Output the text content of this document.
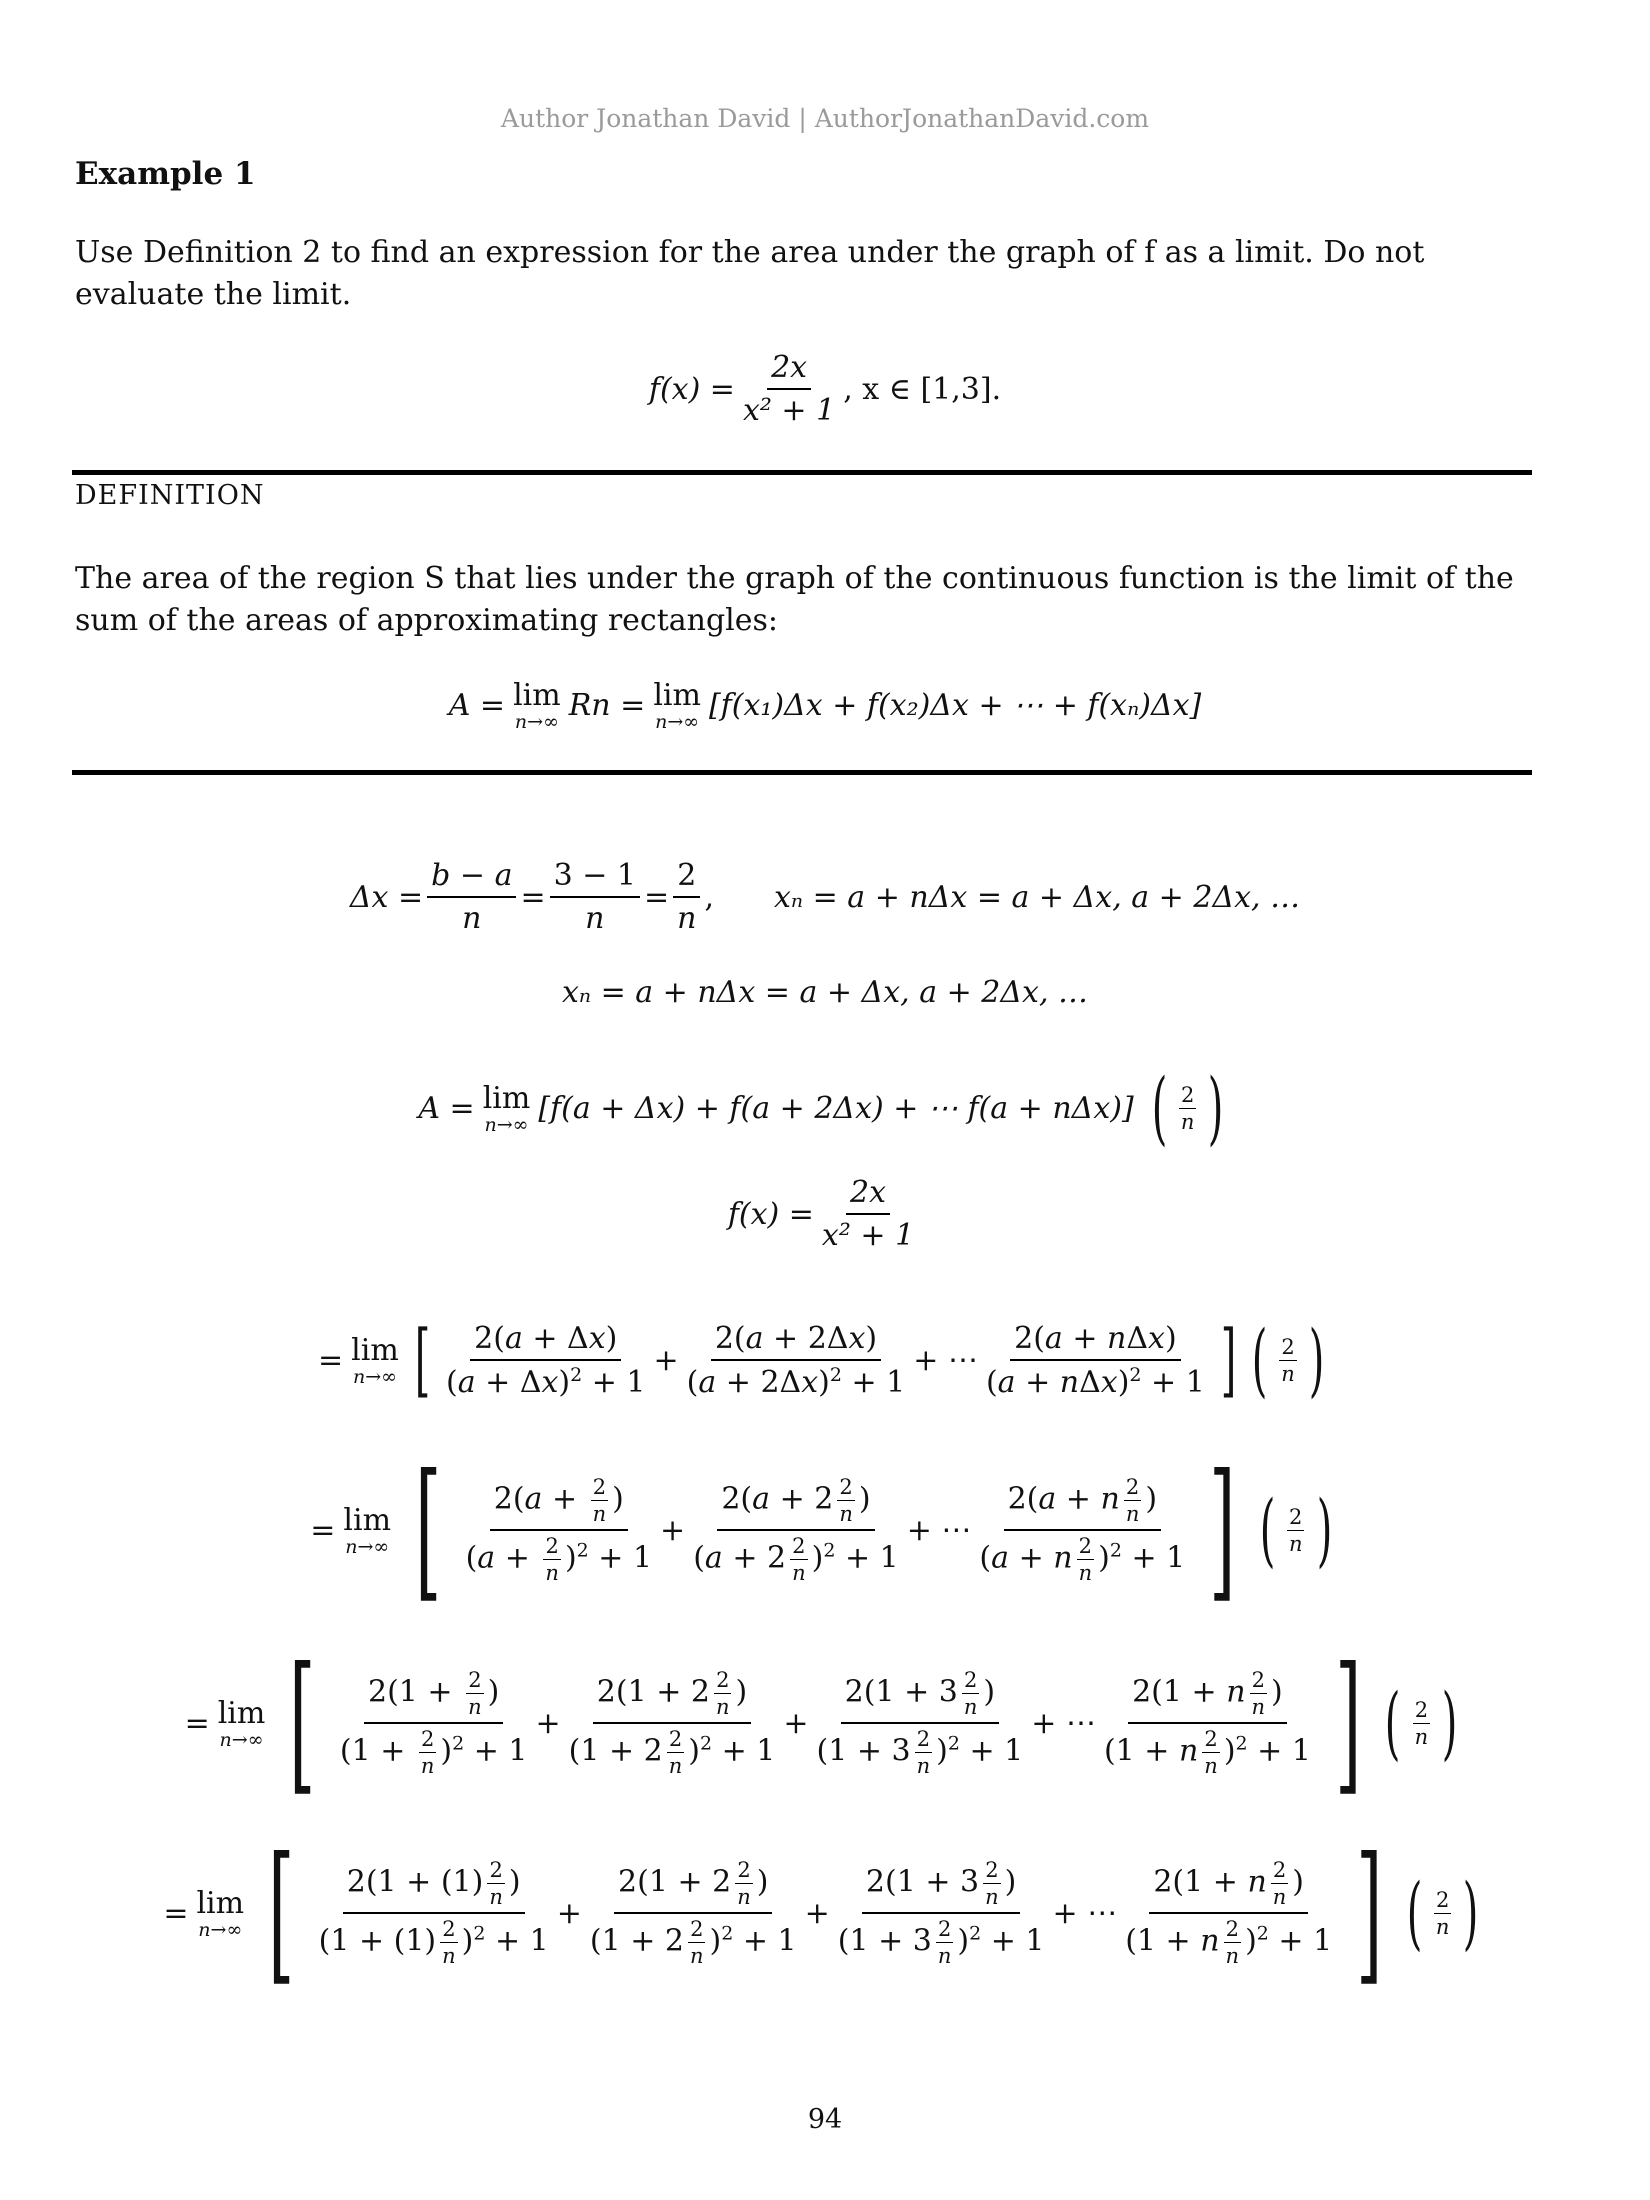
Author Jonathan David | AuthorJonathanDavid.com
Example 1
Use Definition 2 to find an expression for the area under the graph of f as a limit. Do not evaluate the limit.
$f(x) = \frac{2x}{\text{x² + 1}}$ , x ∈ [1,3].
DEFINITION
The area of the region S that lies under the graph of the continuous function is the limit of the sum of the areas of approximating rectangles:
A = lim
n→∞ Rn = lim
n→∞ [f(x₁)Δx + f(x₂)Δx + ⋯ + f(xₙ)Δx]
$\Delta x = \frac{b - a}{n} = \frac{3 - 1}{n} = \frac{2}{n}$ , xₙ = a + nΔx = a + Δx, a + 2Δx, …
xₙ = a + nΔx = a + Δx, a + 2Δx, …
A = lim
n→∞ [f(a + Δx) + f(a + 2Δx) + ⋯ f(a + nΔx)] ( $\frac{2}{n}$ )
$f(x) = \frac{2x}{\text{x² + 1}}$
= lim
n→∞ [ $\frac{2(a + \Delta x)}{(a + \Delta x)^2 + 1} + \frac{2(a + 2\Delta x)}{(a + 2\Delta x)^2 + 1}$ + ⋯ $\frac{\text{2(a + nΔx)}}{(a + n\Delta x)^2 + 1}$ ] ( $\frac{2}{n}$ )
= lim
n→∞ [ $\frac{2(a + \frac{2}{n} )}{(a + \frac{2}{n} )^2 + 1} + \frac{2(a + 2 \frac{2}{n} )}{(a + 2 \frac{2}{n} )^2 + 1}$ + ⋯ $\frac{2(a + n \frac{2}{n} )}{(a + n \frac{2}{n} )^2 + 1}$ ] ( $\frac{2}{n}$ )
= lim
n→∞ [ $\frac{2(1 + \frac{2}{n} )}{(1 + \frac{2}{n} )^2 + 1} + \frac{2(1 + 2 \frac{2}{n} )}{(1 + 2 \frac{2}{n} )^2 + 1} + \frac{2(1 + 3 \frac{2}{n} )}{(1 + 3 \frac{2}{n} )^2 + 1}$ + ⋯ $\frac{2(1 + n \frac{2}{n} )}{(1 + n \frac{2}{n} )^2 + 1}$ ] ( $\frac{2}{n}$ )
= lim
n→∞ [ $\frac{2(1 + (1) \frac{2}{n} )}{(1 + (1) \frac{2}{n} )^2 + 1} + \frac{2(1 + 2 \frac{2}{n} )}{(1 + 2 \frac{2}{n} )^2 + 1} + \frac{2(1 + 3 \frac{2}{n} )}{(1 + 3 \frac{2}{n} )^2 + 1}$ + ⋯ $\frac{2(1 + n \frac{2}{n} )}{(1 + n \frac{2}{n} )^2 + 1}$ ] ( $\frac{2}{n}$ )
94
